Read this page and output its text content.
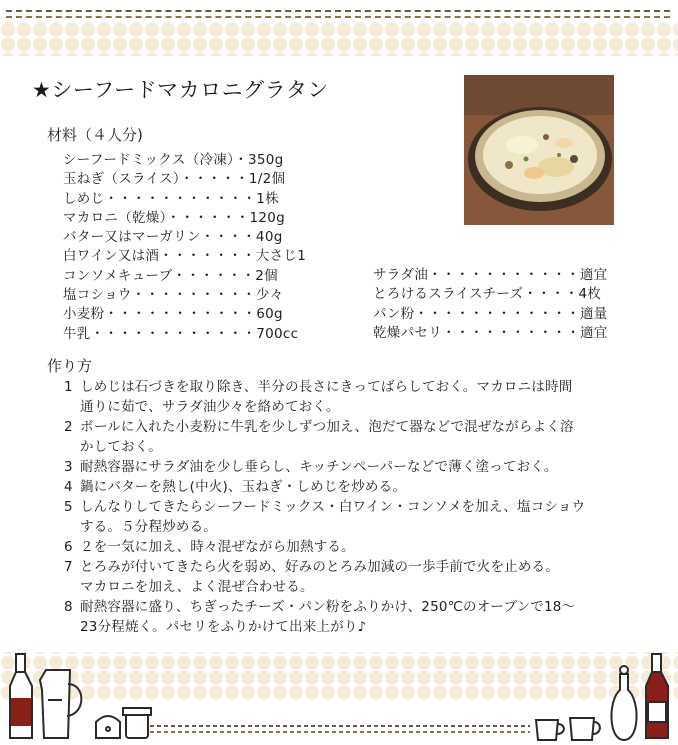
★シーフードマカロニグラタン
材料（４人分)
シーフードミックス（冷凍）・350g
玉ねぎ（スライス）・・・・・1/2個
しめじ・・・・・・・・・・・1株
マカロニ（乾燥）・・・・・・120g
バター又はマーガリン・・・・40g
白ワイン又は酒・・・・・・・大さじ1
コンソメキューブ・・・・・・2個
塩コショウ・・・・・・・・・少々
小麦粉・・・・・・・・・・・60g
牛乳・・・・・・・・・・・・700cc
サラダ油・・・・・・・・・・・適宜
とろけるスライスチーズ・・・・4枚
パン粉・・・・・・・・・・・・適量
乾燥パセリ・・・・・・・・・・適宜
作り方
1 しめじは石づきを取り除き、半分の長さにきってばらしておく。マカロニは時間
通りに茹で、サラダ油少々を絡めておく。
2 ボールに入れた小麦粉に牛乳を少しずつ加え、泡だて器などで混ぜながらよく溶
かしておく。
3 耐熱容器にサラダ油を少し垂らし、キッチンペーパーなどで薄く塗っておく。
4 鍋にバターを熱し(中火)、玉ねぎ・しめじを炒める。
5 しんなりしてきたらシーフードミックス・白ワイン・コンソメを加え、塩コショウ
する。５分程炒める。
6 ２を一気に加え、時々混ぜながら加熱する。
7 とろみが付いてきたら火を弱め、好みのとろみ加減の一歩手前で火を止める。
マカロニを加え、よく混ぜ合わせる。
8 耐熱容器に盛り、ちぎったチーズ・パン粉をふりかけ、250℃のオーブンで18～
23分程焼く。パセリをふりかけて出来上がり♪
